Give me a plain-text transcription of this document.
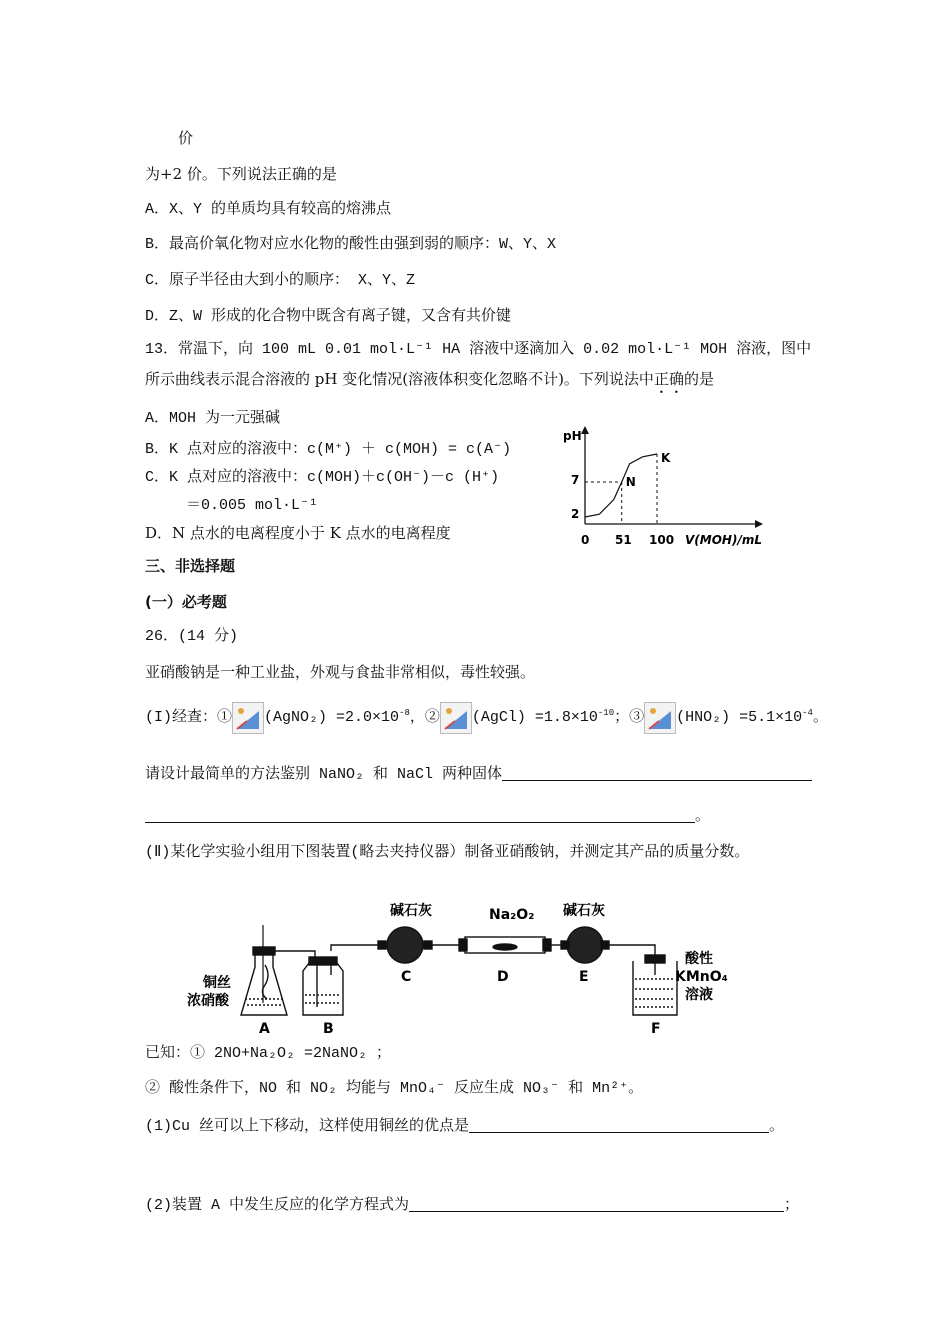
价
为+2 价。下列说法正确的是
A．X、Y 的单质均具有较高的熔沸点
B．最高价氧化物对应水化物的酸性由强到弱的顺序：W、Y、X
C．原子半径由大到小的顺序： X、Y、Z
D．Z、W 形成的化合物中既含有离子键，又含有共价键
13．常温下，向 100 mL 0.01 mol·L⁻¹ HA 溶液中逐滴加入 0.02 mol·L⁻¹ MOH 溶液，图中
所示曲线表示混合溶液的 pH 变化情况(溶液体积变化忽略不计)。下列说法中正确的是
A．MOH 为一元强碱
B．K 点对应的溶液中：c(M⁺) ＋ c(MOH) = c(A⁻)
C．K 点对应的溶液中：c(MOH)＋c(OH⁻)－c (H⁺)
＝0.005 mol·L⁻¹
D．N 点水的电离程度小于 K 点水的电离程度
pH
V(MOH)/mL
0 51 100
7
2
N
K
三、非选择题
(一）必考题
26．(14 分)
亚硝酸钠是一种工业盐，外观与食盐非常相似，毒性较强。
(I)经查：① (AgNO₂) $=2.0\times 10^{-8}$，② (AgCl) $=1.8\times 10^{-10}$；③ $(HNO_2) =5.1\times 10^{-4}$。
请设计最简单的方法鉴别 NaNO₂ 和 NaCl 两种固体
。
(Ⅱ)某化学实验小组用下图装置(略去夹持仪器）制备亚硝酸钠，并测定其产品的质量分数。
铜丝
浓硝酸
碱石灰	Na₂O₂ 碱石灰
酸性
KMnO₄
溶液
A	B
C	D	E
F
已知：① 2NO+Na₂O₂ =2NaNO₂ ；
② 酸性条件下，NO 和 NO₂ 均能与 MnO₄⁻ 反应生成 NO₃⁻ 和 Mn²⁺。
(1)Cu 丝可以上下移动，这样使用铜丝的优点是	。
(2)装置 A 中发生反应的化学方程式为	；
